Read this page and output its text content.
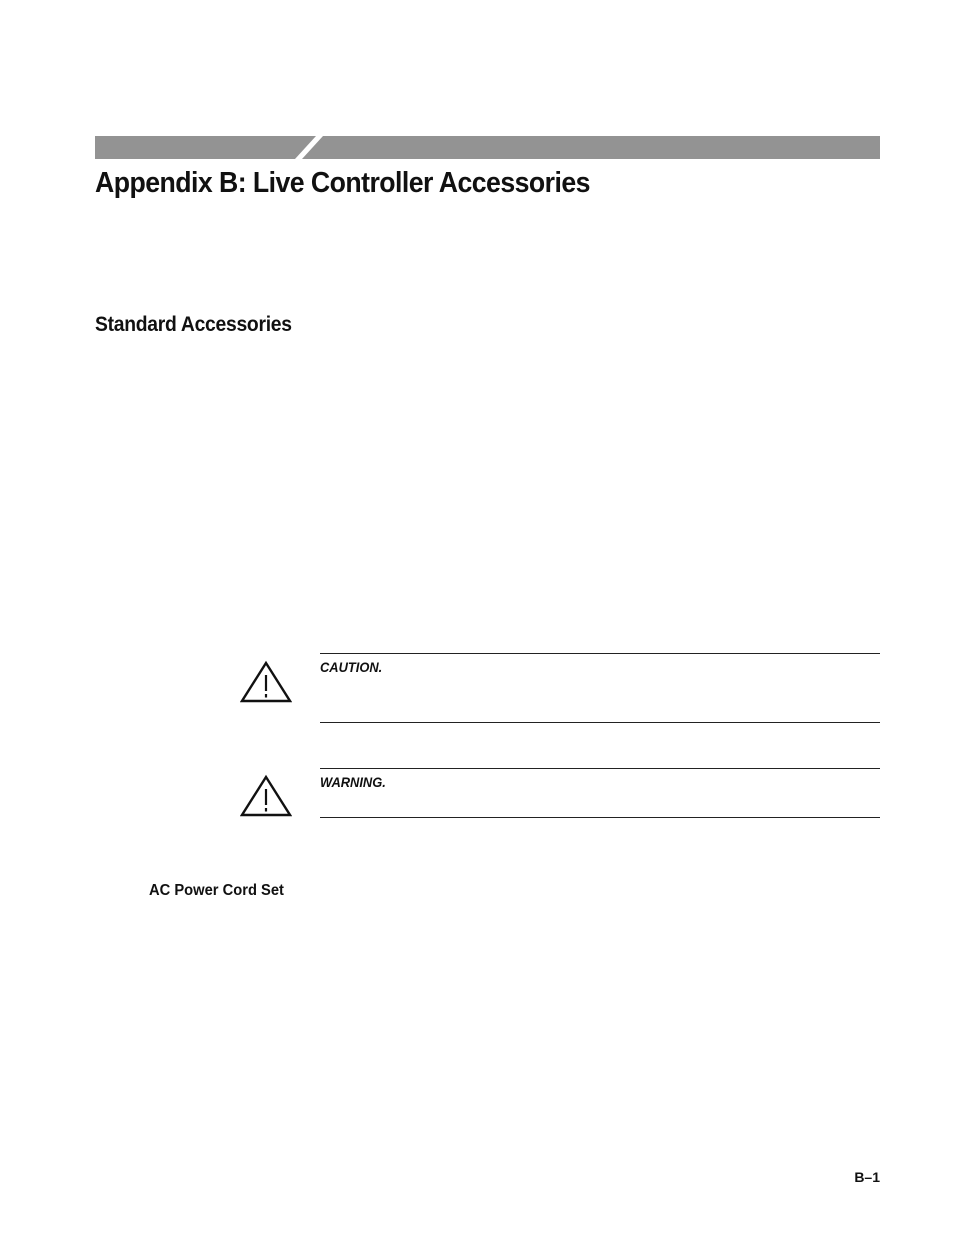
Appendix B: Live Controller Accessories
Standard Accessories
CAUTION.
WARNING.
AC Power Cord Set
B–1
